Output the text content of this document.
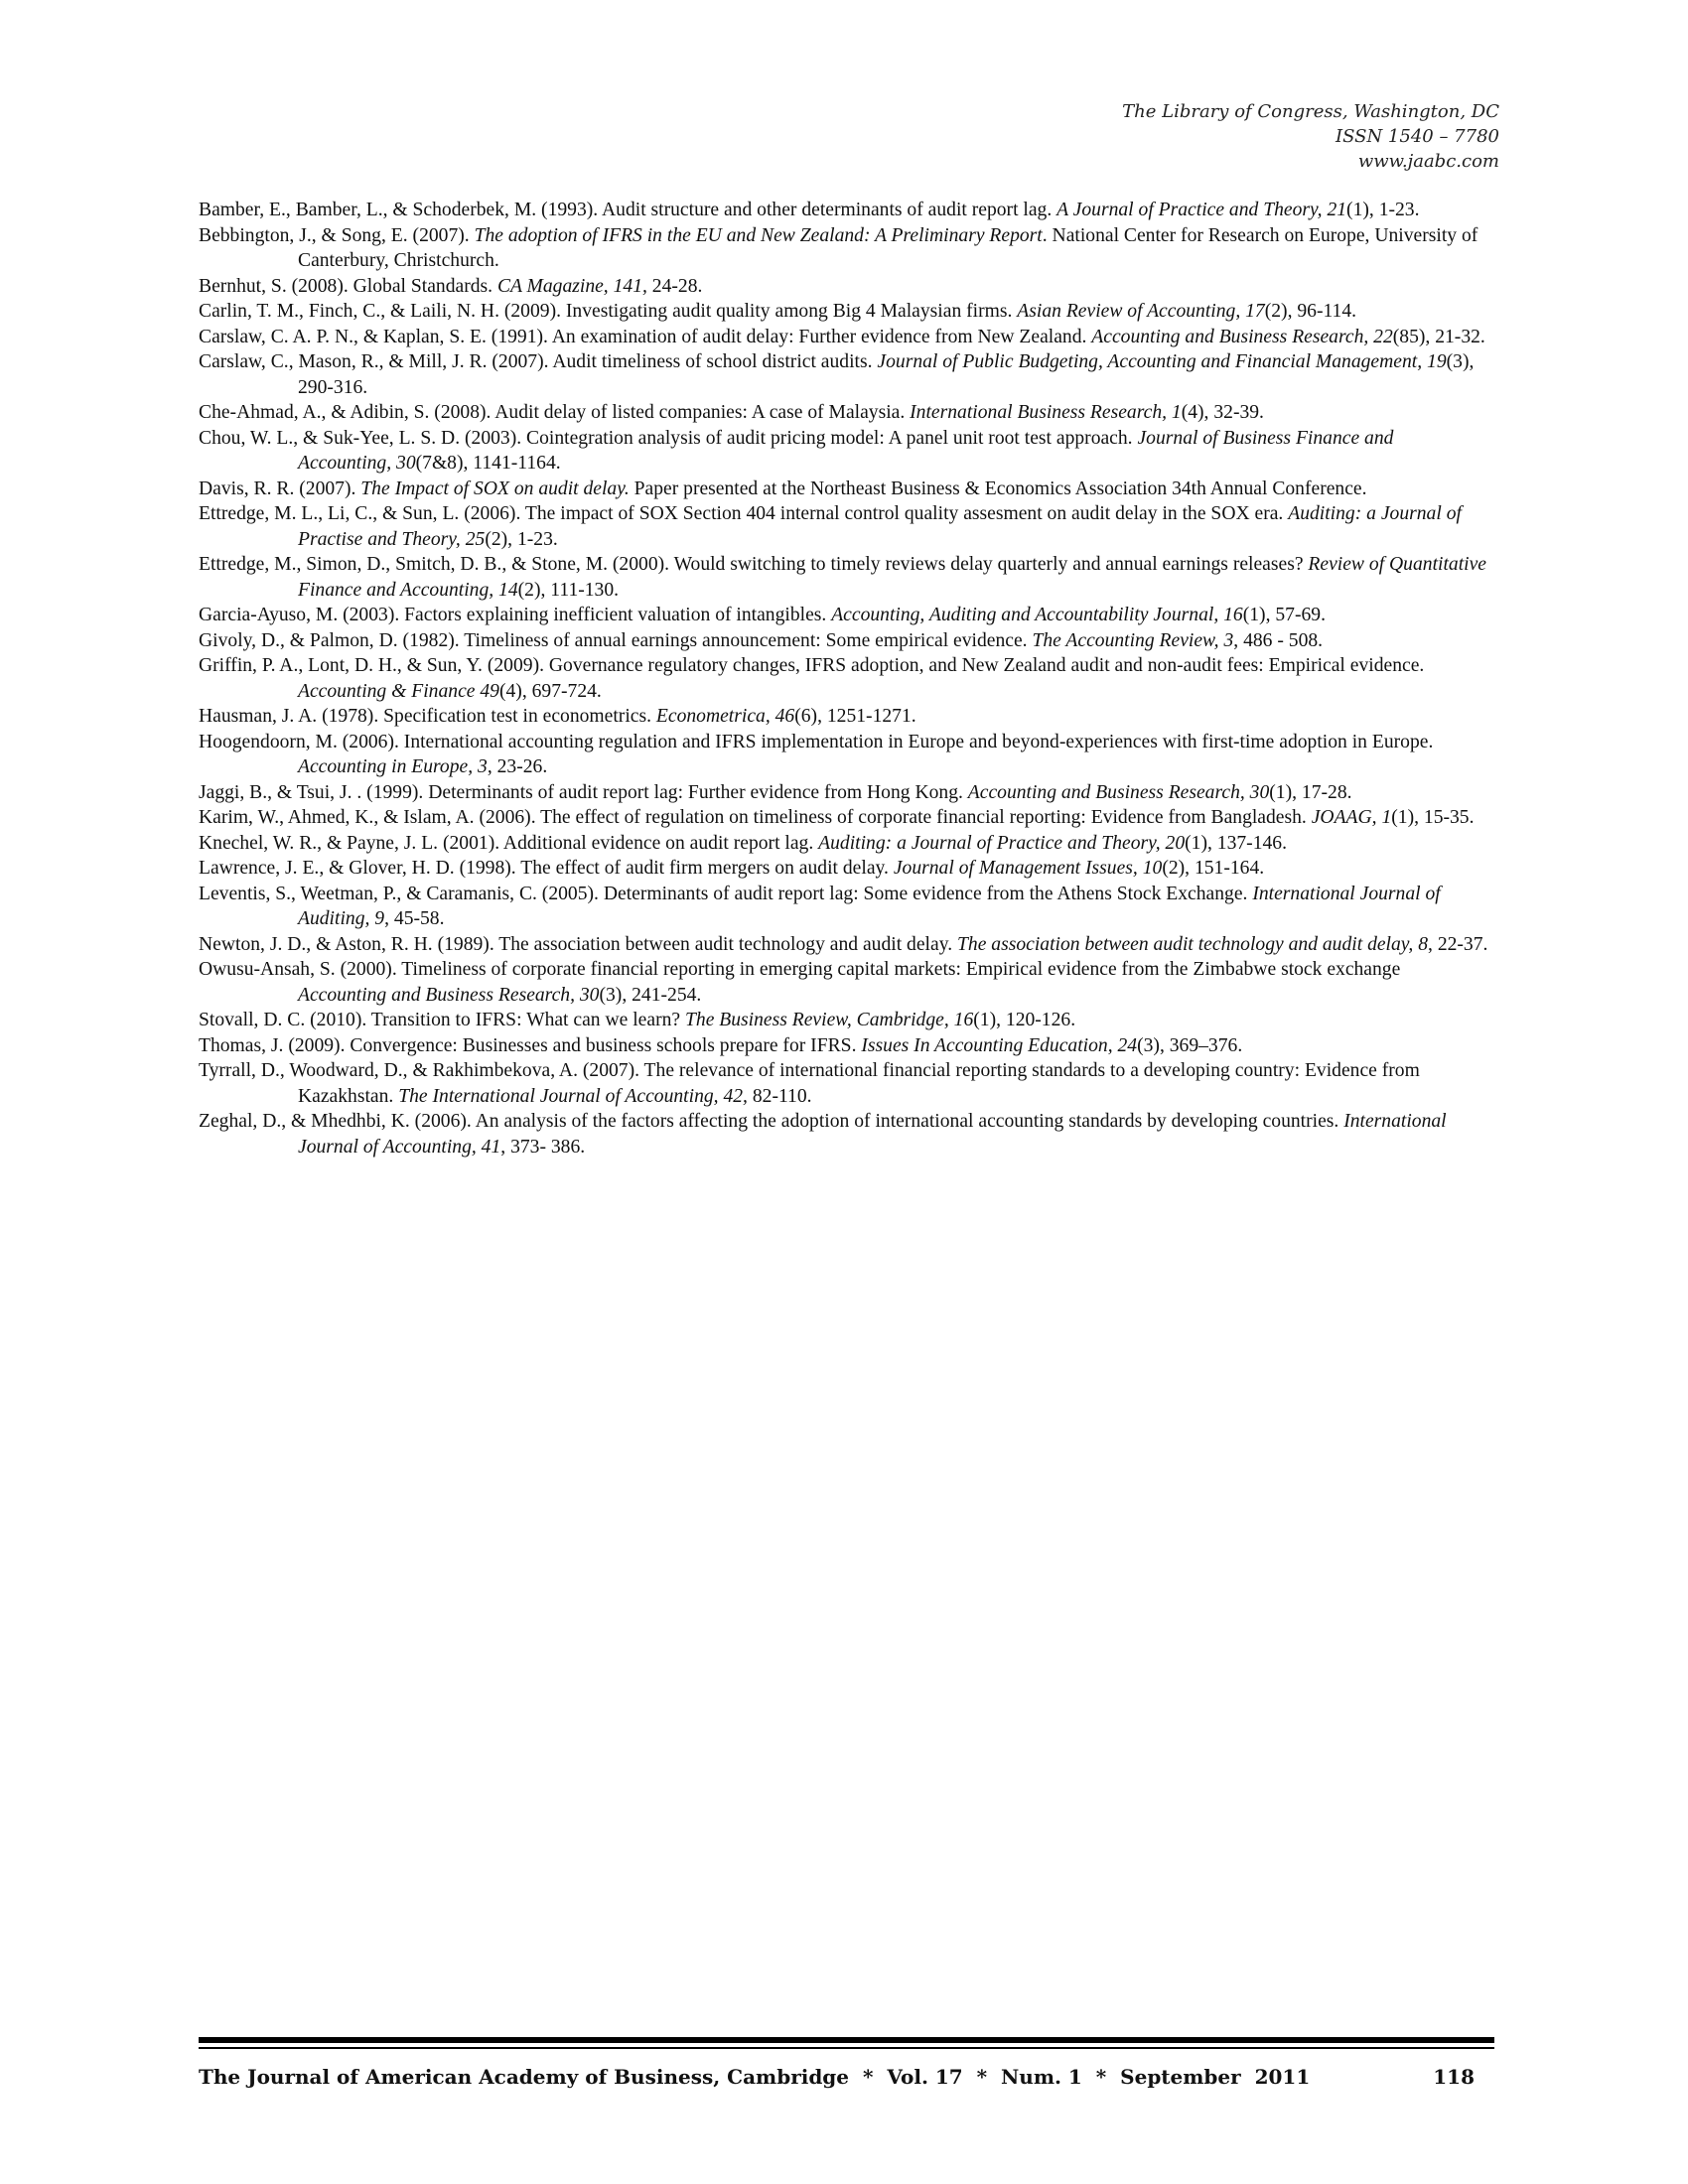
The Library of Congress, Washington, DC
ISSN 1540 – 7780
www.jaabc.com

Bamber, E., Bamber, L., & Schoderbek, M. (1993). Audit structure and other determinants of audit report lag. A Journal of Practice and Theory, 21(1), 1-23.

Bebbington, J., & Song, E. (2007). The adoption of IFRS in the EU and New Zealand: A Preliminary Report. National Center for Research on Europe, University of Canterbury, Christchurch.

Bernhut, S. (2008). Global Standards. CA Magazine, 141, 24-28.

Carlin, T. M., Finch, C., & Laili, N. H. (2009). Investigating audit quality among Big 4 Malaysian firms. Asian Review of Accounting, 17(2), 96-114.

Carslaw, C. A. P. N., & Kaplan, S. E. (1991). An examination of audit delay: Further evidence from New Zealand. Accounting and Business Research, 22(85), 21-32.

Carslaw, C., Mason, R., & Mill, J. R. (2007). Audit timeliness of school district audits. Journal of Public Budgeting, Accounting and Financial Management, 19(3), 290-316.

Che-Ahmad, A., & Adibin, S. (2008). Audit delay of listed companies: A case of Malaysia. International Business Research, 1(4), 32-39.

Chou, W. L., & Suk-Yee, L. S. D. (2003). Cointegration analysis of audit pricing model: A panel unit root test approach. Journal of Business Finance and Accounting, 30(7&8), 1141-1164.

Davis, R. R. (2007). The Impact of SOX on audit delay. Paper presented at the Northeast Business & Economics Association 34th Annual Conference.

Ettredge, M. L., Li, C., & Sun, L. (2006). The impact of SOX Section 404 internal control quality assesment on audit delay in the SOX era. Auditing: a Journal of Practise and Theory, 25(2), 1-23.

Ettredge, M., Simon, D., Smitch, D. B., & Stone, M. (2000). Would switching to timely reviews delay quarterly and annual earnings releases? Review of Quantitative Finance and Accounting, 14(2), 111-130.

Garcia-Ayuso, M. (2003). Factors explaining inefficient valuation of intangibles. Accounting, Auditing and Accountability Journal, 16(1), 57-69.

Givoly, D., & Palmon, D. (1982). Timeliness of annual earnings announcement: Some empirical evidence. The Accounting Review, 3, 486 - 508.

Griffin, P. A., Lont, D. H., & Sun, Y. (2009). Governance regulatory changes, IFRS adoption, and New Zealand audit and non-audit fees: Empirical evidence. Accounting & Finance 49(4), 697-724.

Hausman, J. A. (1978). Specification test in econometrics. Econometrica, 46(6), 1251-1271.

Hoogendoorn, M. (2006). International accounting regulation and IFRS implementation in Europe and beyond-experiences with first-time adoption in Europe. Accounting in Europe, 3, 23-26.

Jaggi, B., & Tsui, J. . (1999). Determinants of audit report lag: Further evidence from Hong Kong. Accounting and Business Research, 30(1), 17-28.

Karim, W., Ahmed, K., & Islam, A. (2006). The effect of regulation on timeliness of corporate financial reporting: Evidence from Bangladesh. JOAAG, 1(1), 15-35.

Knechel, W. R., & Payne, J. L. (2001). Additional evidence on audit report lag. Auditing: a Journal of Practice and Theory, 20(1), 137-146.

Lawrence, J. E., & Glover, H. D. (1998). The effect of audit firm mergers on audit delay. Journal of Management Issues, 10(2), 151-164.

Leventis, S., Weetman, P., & Caramanis, C. (2005). Determinants of audit report lag: Some evidence from the Athens Stock Exchange. International Journal of Auditing, 9, 45-58.

Newton, J. D., & Aston, R. H. (1989). The association between audit technology and audit delay. The association between audit technology and audit delay, 8, 22-37.

Owusu-Ansah, S. (2000). Timeliness of corporate financial reporting in emerging capital markets: Empirical evidence from the Zimbabwe stock exchange Accounting and Business Research, 30(3), 241-254.

Stovall, D. C. (2010). Transition to IFRS: What can we learn? The Business Review, Cambridge, 16(1), 120-126.

Thomas, J. (2009). Convergence: Businesses and business schools prepare for IFRS. Issues In Accounting Education, 24(3), 369–376.

Tyrrall, D., Woodward, D., & Rakhimbekova, A. (2007). The relevance of international financial reporting standards to a developing country: Evidence from Kazakhstan. The International Journal of Accounting, 42, 82-110.

Zeghal, D., & Mhedhbi, K. (2006). An analysis of the factors affecting the adoption of international accounting standards by developing countries. International Journal of Accounting, 41, 373- 386.

The Journal of American Academy of Business, Cambridge  *  Vol. 17  *  Num. 1  *  September  2011	118
